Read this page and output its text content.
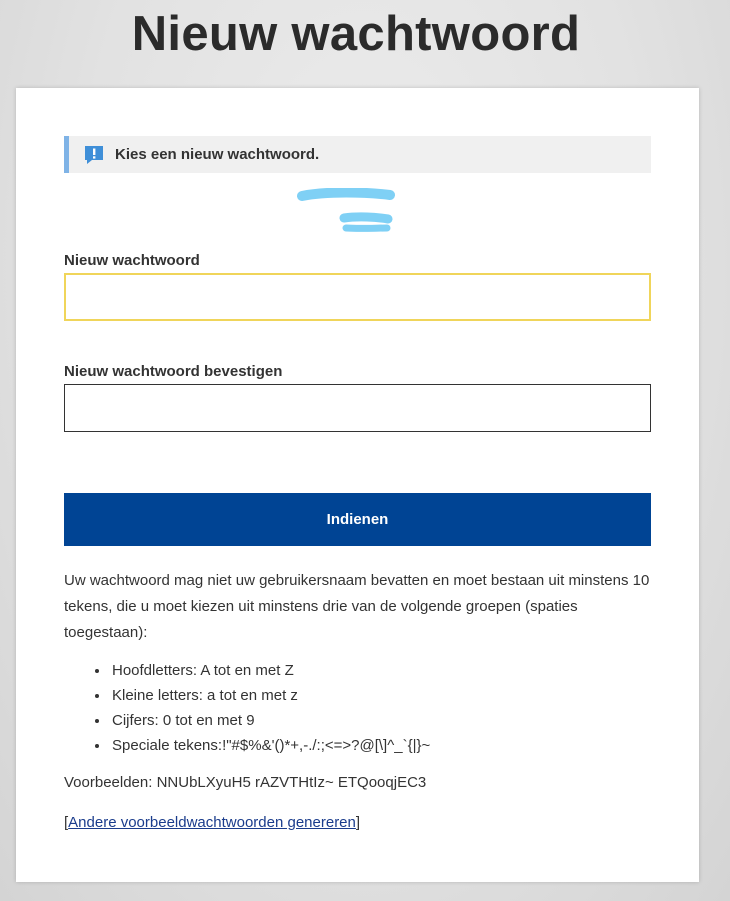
Nieuw wachtwoord
Kies een nieuw wachtwoord.
Nieuw wachtwoord
Nieuw wachtwoord bevestigen
Indienen

Uw wachtwoord mag niet uw gebruikersnaam bevatten en moet bestaan uit minstens 10 tekens, die u moet kiezen uit minstens drie van de volgende groepen (spaties toegestaan):

• Hoofdletters: A tot en met Z
• Kleine letters: a tot en met z
• Cijfers: 0 tot en met 9
• Speciale tekens:!"#$%&'()*+,-./:;<=>?@[\]^_`{|}~
Voorbeelden: NNUbLXyuH5 rAZVTHtIz~ ETQooqjEC3
[Andere voorbeeldwachtwoorden genereren]
